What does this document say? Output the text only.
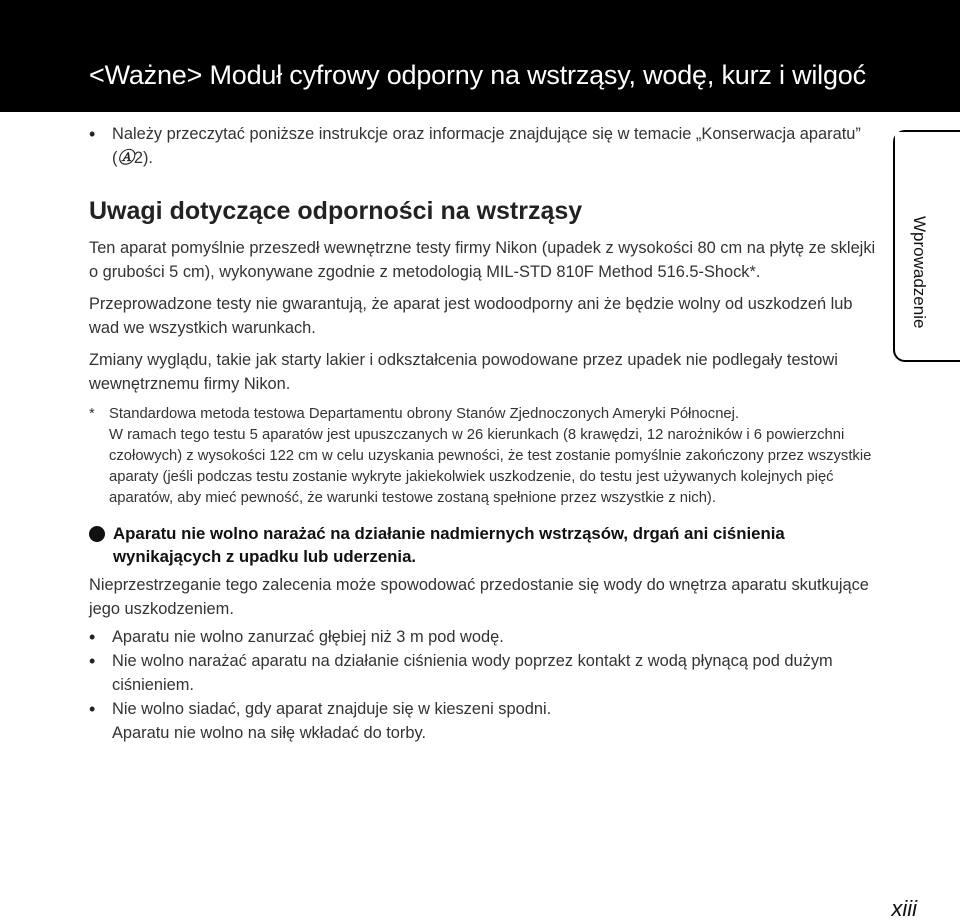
<Ważne> Moduł cyfrowy odporny na wstrząsy, wodę, kurz i wilgoć
Wprowadzenie

• Należy przeczytać poniższe instrukcje oraz informacje znajdujące się w temacie „Konserwacja aparatu” (Ⓐ2).

Uwagi dotyczące odporności na wstrząsy

Ten aparat pomyślnie przeszedł wewnętrzne testy firmy Nikon (upadek z wysokości 80 cm na płytę ze sklejki o grubości 5 cm), wykonywane zgodnie z metodologią MIL-STD 810F Method 516.5-Shock*.

Przeprowadzone testy nie gwarantują, że aparat jest wodoodporny ani że będzie wolny od uszkodzeń lub wad we wszystkich warunkach.

Zmiany wyglądu, takie jak starty lakier i odkształcenia powodowane przez upadek nie podlegały testowi wewnętrznemu firmy Nikon.

* Standardowa metoda testowa Departamentu obrony Stanów Zjednoczonych Ameryki Północnej.
W ramach tego testu 5 aparatów jest upuszczanych w 26 kierunkach (8 krawędzi, 12 narożników i 6 powierzchni czołowych) z wysokości 122 cm w celu uzyskania pewności, że test zostanie pomyślnie zakończony przez wszystkie aparaty (jeśli podczas testu zostanie wykryte jakiekolwiek uszkodzenie, do testu jest używanych kolejnych pięć aparatów, aby mieć pewność, że warunki testowe zostaną spełnione przez wszystkie z nich).
Aparatu nie wolno narażać na działanie nadmiernych wstrząsów, drgań ani ciśnienia wynikających z upadku lub uderzenia.

Nieprzestrzeganie tego zalecenia może spowodować przedostanie się wody do wnętrza aparatu skutkujące jego uszkodzeniem.

• Aparatu nie wolno zanurzać głębiej niż 3 m pod wodę.
• Nie wolno narażać aparatu na działanie ciśnienia wody poprzez kontakt z wodą płynącą pod dużym ciśnieniem.
• Nie wolno siadać, gdy aparat znajduje się w kieszeni spodni.
Aparatu nie wolno na siłę wkładać do torby.
xiii
